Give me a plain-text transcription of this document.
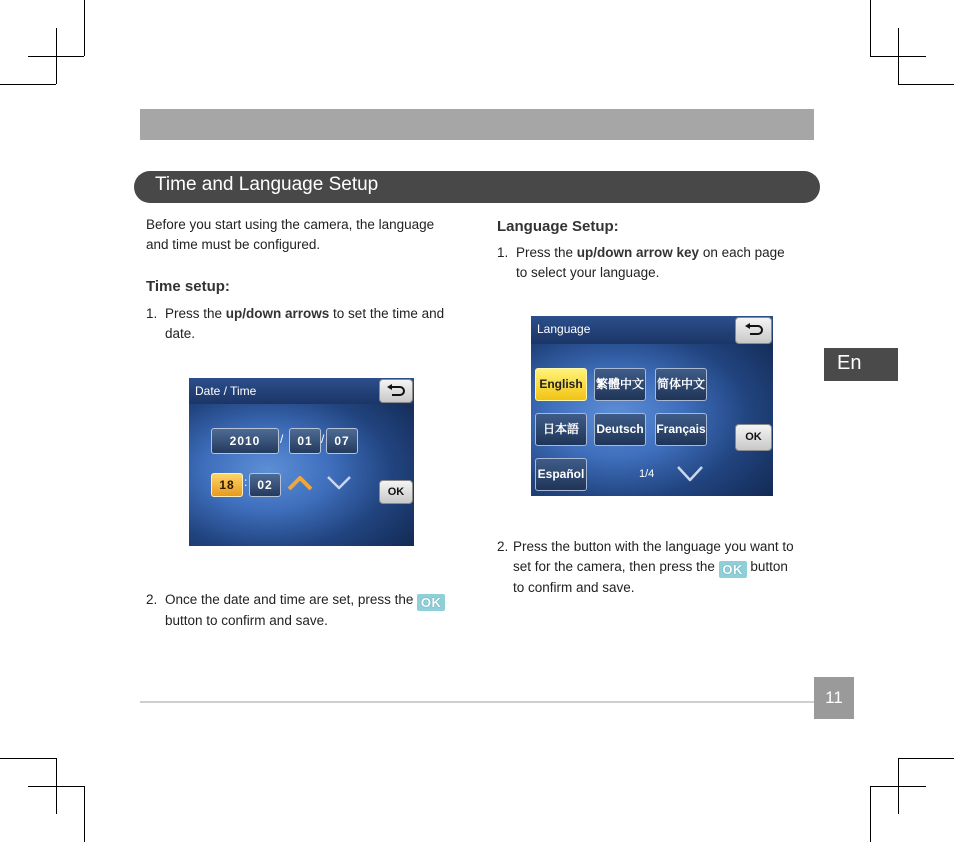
Time and Language Setup
En
Before you start using the camera, the language
and time must be configured.
Time setup:
1. Press the up/down arrows to set the time and
date.
Date / Time
2010	/	01 / 07
18 : 02	OK
2. Once the date and time are set, press the OK
button to confirm and save.
Language Setup:
1. Press the up/down arrow key on each page
to select your language.
Language
English	繁體中文 简体中文
日本語	Deutsch Français
Español	1/4
OK
2. Press the button with the language you want to
set for the camera, then press the OK button
to confirm and save.
11
